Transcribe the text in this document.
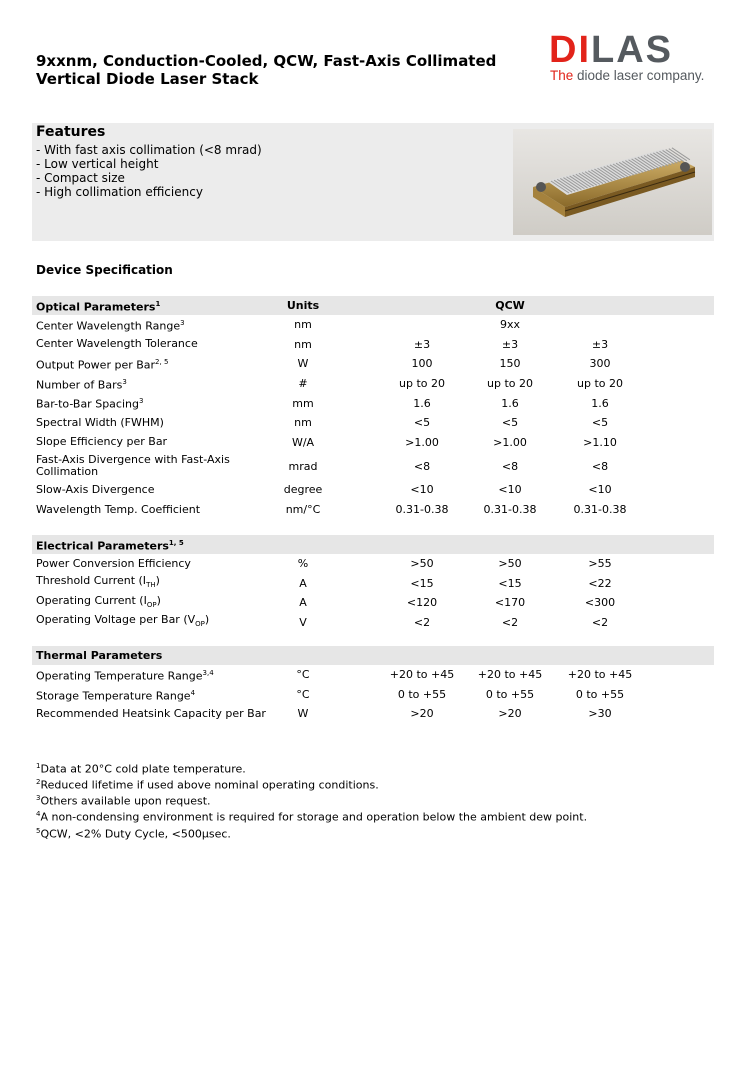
9xxnm, Conduction-Cooled, QCW, Fast-Axis Collimated
Vertical Diode Laser Stack
DILAS
The diode laser company.
Features
- With fast axis collimation (<8 mrad)
- Low vertical height
- Compact size
- High collimation efficiency
Device Specification
Optical Parameters$^1$	Units	QCW
Center Wavelength Range$^3$	nm	9xx
Center Wavelength Tolerance	nm	±3	±3	±3
Output Power per Bar$^{2, 5}$	W	100	150	300
Number of Bars$^3$	#	up to 20	up to 20	up to 20
Bar-to-Bar Spacing$^3$	mm	1.6	1.6	1.6
Spectral Width (FWHM)	nm	<5	<5	<5
Slope Efficiency per Bar	W/A	>1.00	>1.00	>1.10
Fast-Axis Divergence with Fast-Axis Collimation	mrad	<8	<8	<8
Slow-Axis Divergence	degree	<10	<10	<10
Wavelength Temp. Coefficient	nm/°C	0.31-0.38	0.31-0.38	0.31-0.38
Electrical Parameters$^{1, 5}$
Power Conversion Efficiency	%	>50	>50	>55
Threshold Current $(I_{TH})$	A	<15	<15	<22
Operating Current $(I_{OP})$	A	<120	<170	<300
Operating Voltage per Bar $(V_{OP})$	V	<2	<2	<2
Thermal Parameters
Operating Temperature Range$^{3,4}$	°C	+20 to +45	+20 to +45	+20 to +45
Storage Temperature Range$^4$	°C	0 to +55	0 to +55	0 to +55
Recommended Heatsink Capacity per Bar	W	>20	>20	>30
$^1$Data at 20°C cold plate temperature.
$^2$Reduced lifetime if used above nominal operating conditions.
$^3$Others available upon request.
$^4$A non-condensing environment is required for storage and operation below the ambient dew point.
$^5$QCW, <2% Duty Cycle, <500µsec.
